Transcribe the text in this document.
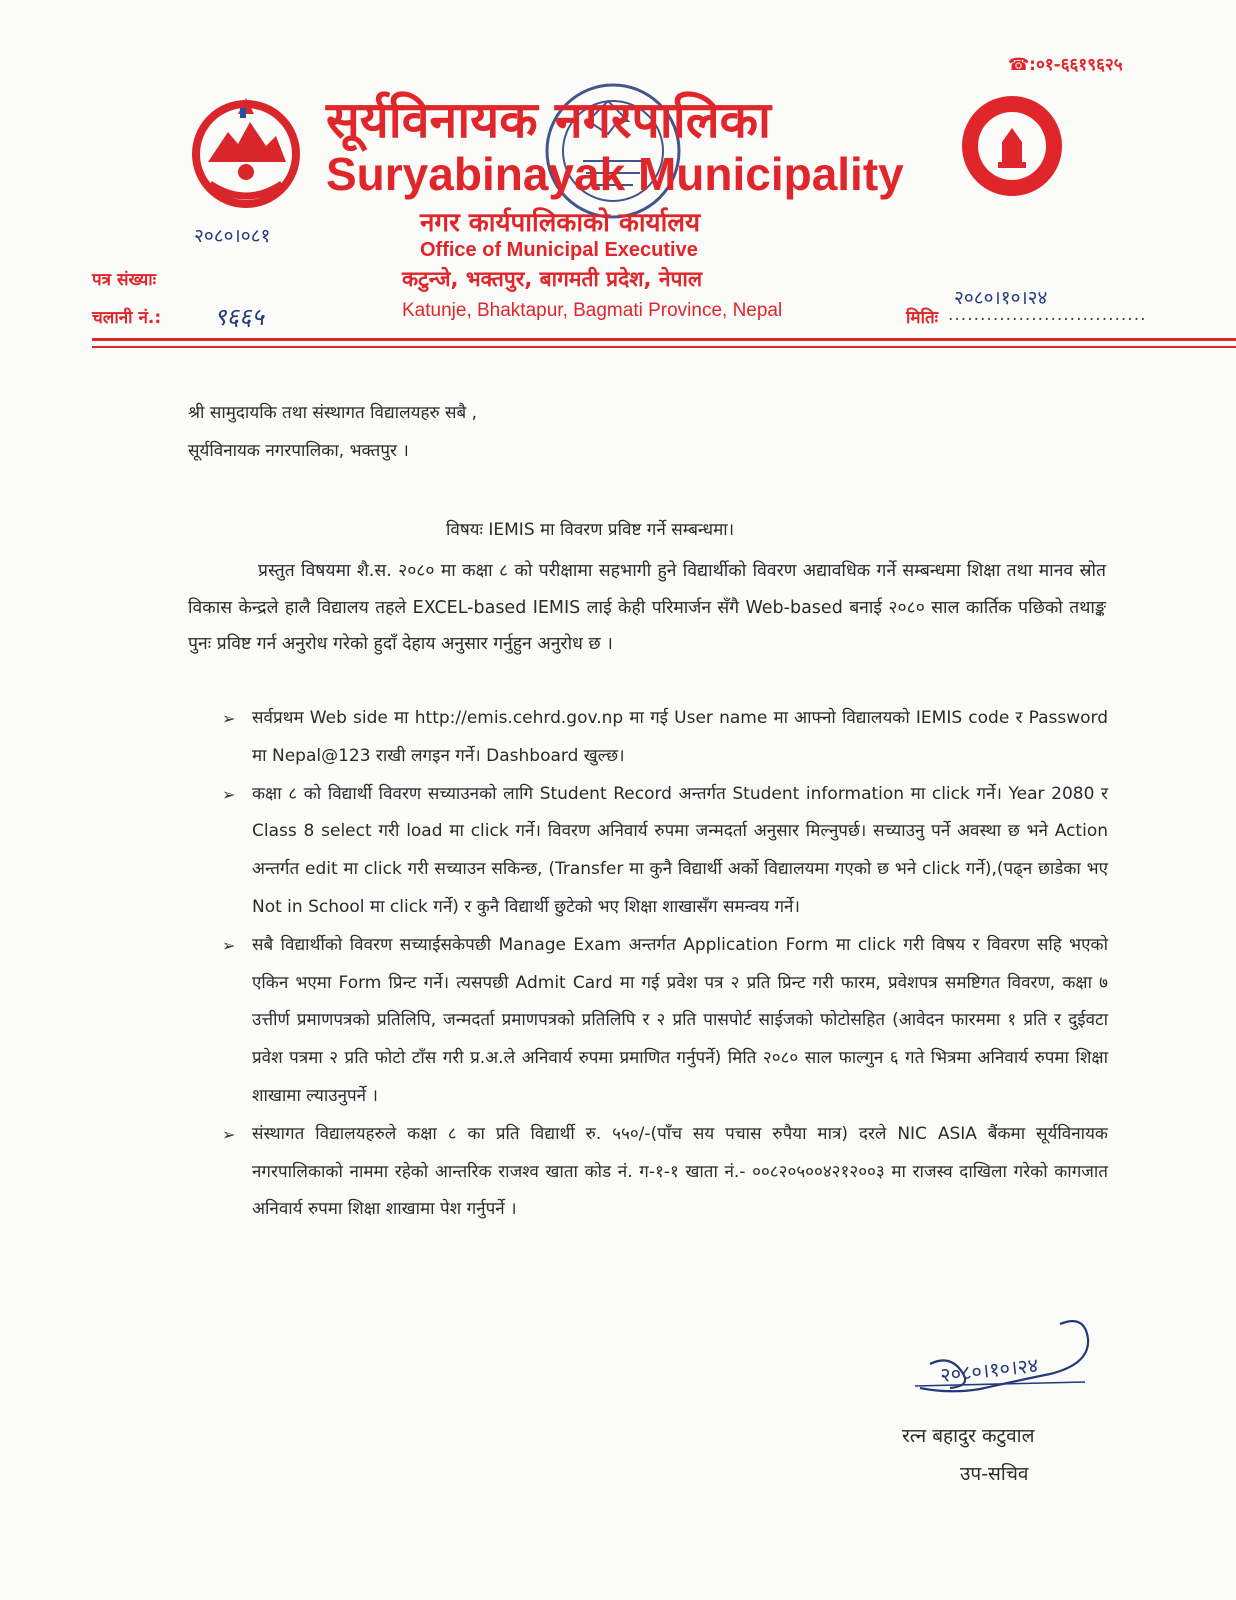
☎:०१-६६१९६२५
सूर्यविनायक नगरपालिका
Suryabinayak Municipality
नगर कार्यपालिकाको कार्यालय
Office of Municipal Executive
कटुन्जे, भक्तपुर, बागमती प्रदेश, नेपाल
Katunje, Bhaktapur, Bagmati Province, Nepal
२०८०।०८१
पत्र संख्याः
चलानी नं.: ९६६५
२०८०।१०।२४
मितिः ...............................
श्री सामुदायकि तथा संस्थागत विद्यालयहरु सबै ,
सूर्यविनायक नगरपालिका, भक्तपुर ।
विषयः IEMIS मा विवरण प्रविष्ट गर्ने सम्बन्धमा।

प्रस्तुत विषयमा शै.स. २०८० मा कक्षा ८ को परीक्षामा सहभागी हुने विद्यार्थीको विवरण अद्यावधिक गर्ने सम्बन्धमा शिक्षा तथा मानव स्रोत विकास केन्द्रले हालै विद्यालय तहले EXCEL-based IEMIS लाई केही परिमार्जन सँगै Web-based बनाई २०८० साल कार्तिक पछिको तथाङ्क पुनः प्रविष्ट गर्न अनुरोध गरेको हुदाँ देहाय अनुसार गर्नुहुन अनुरोध छ ।

➢ सर्वप्रथम Web side मा http://emis.cehrd.gov.np मा गई User name मा आफ्नो विद्यालयको IEMIS code र Password मा Nepal@123 राखी लगइन गर्ने। Dashboard खुल्छ।
➢ कक्षा ८ को विद्यार्थी विवरण सच्याउनको लागि Student Record अन्तर्गत Student information मा click गर्ने। Year 2080 र Class 8 select गरी load मा click गर्ने। विवरण अनिवार्य रुपमा जन्मदर्ता अनुसार मिल्नुपर्छ। सच्याउनु पर्ने अवस्था छ भने Action अन्तर्गत edit मा click गरी सच्याउन सकिन्छ, (Transfer मा कुनै विद्यार्थी अर्को विद्यालयमा गएको छ भने click गर्ने),(पढ्न छाडेका भए Not in School मा click गर्ने) र कुनै विद्यार्थी छुटेको भए शिक्षा शाखासँग समन्वय गर्ने।
➢ सबै विद्यार्थीको विवरण सच्याईसकेपछी Manage Exam अन्तर्गत Application Form मा click गरी विषय र विवरण सहि भएको एकिन भएमा Form प्रिन्ट गर्ने। त्यसपछी Admit Card मा गई प्रवेश पत्र २ प्रति प्रिन्ट गरी फारम, प्रवेशपत्र समष्टिगत विवरण, कक्षा ७ उत्तीर्ण प्रमाणपत्रको प्रतिलिपि, जन्मदर्ता प्रमाणपत्रको प्रतिलिपि र २ प्रति पासपोर्ट साईजको फोटोसहित (आवेदन फारममा १ प्रति र दुईवटा प्रवेश पत्रमा २ प्रति फोटो टाँस गरी प्र.अ.ले अनिवार्य रुपमा प्रमाणित गर्नुपर्ने) मिति २०८० साल फाल्गुन ६ गते भित्रमा अनिवार्य रुपमा शिक्षा शाखामा ल्याउनुपर्ने ।
➢ संस्थागत विद्यालयहरुले कक्षा ८ का प्रति विद्यार्थी रु. ५५०/-(पाँच सय पचास रुपैया मात्र) दरले NIC ASIA बैंकमा सूर्यविनायक नगरपालिकाको नाममा रहेको आन्तरिक राजश्व खाता कोड नं. ग-१-१ खाता नं.- ००८२०५००४२१२००३ मा राजस्व दाखिला गरेको कागजात अनिवार्य रुपमा शिक्षा शाखामा पेश गर्नुपर्ने ।
२०८०।१०।२४
रत्न बहादुर कटुवाल
उप-सचिव
